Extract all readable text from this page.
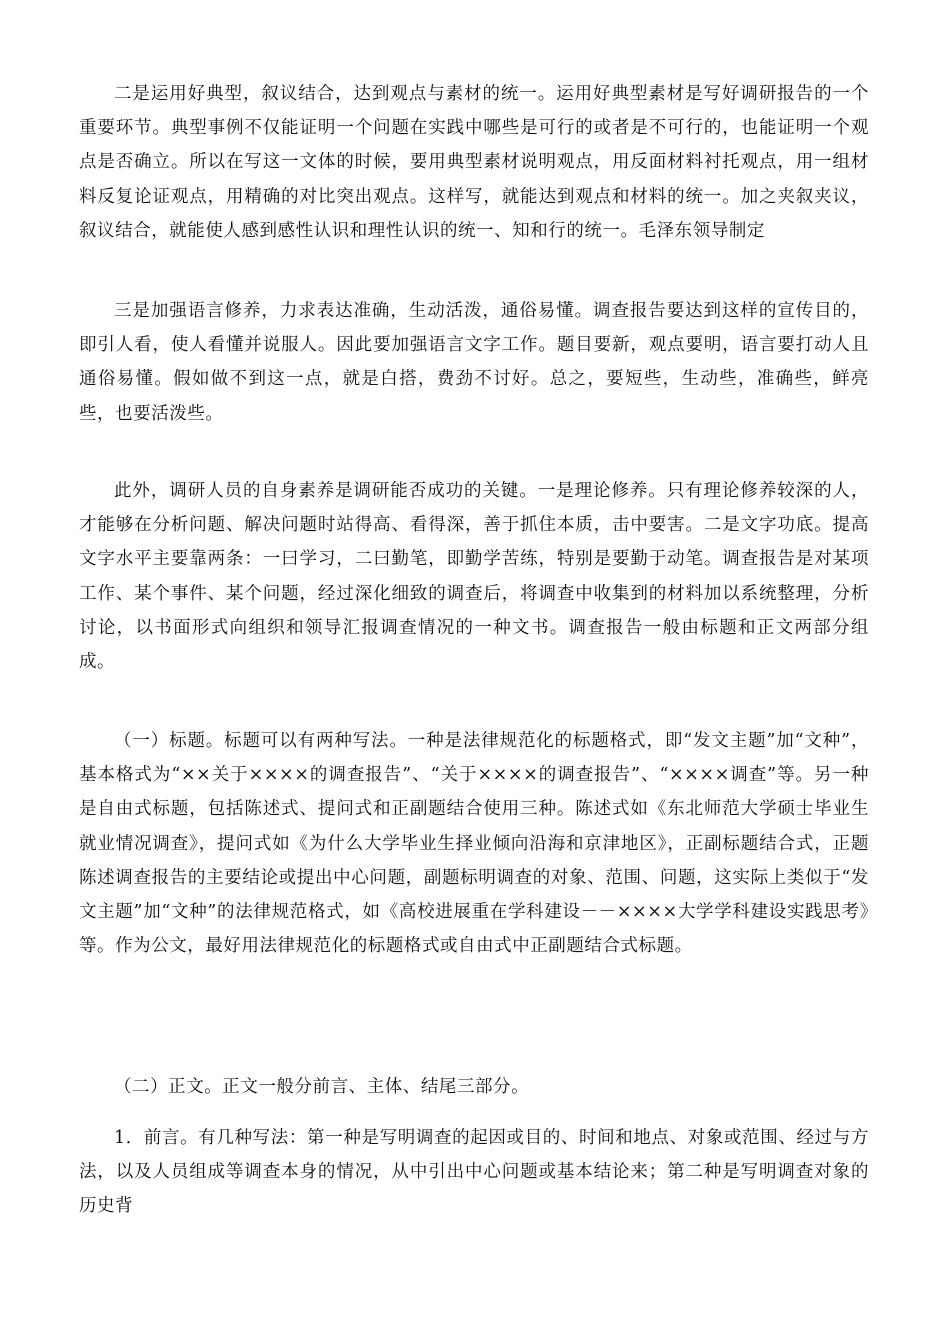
二是运用好典型，叙议结合，达到观点与素材的统一。运用好典型素材是写好调研报告的一个重要环节。典型事例不仅能证明一个问题在实践中哪些是可行的或者是不可行的，也能证明一个观点是否确立。所以在写这一文体的时候，要用典型素材说明观点，用反面材料衬托观点，用一组材料反复论证观点，用精确的对比突出观点。这样写，就能达到观点和材料的统一。加之夹叙夹议，叙议结合，就能使人感到感性认识和理性认识的统一、知和行的统一。毛泽东领导制定

三是加强语言修养，力求表达准确，生动活泼，通俗易懂。调查报告要达到这样的宣传目的，即引人看，使人看懂并说服人。因此要加强语言文字工作。题目要新，观点要明，语言要打动人且通俗易懂。假如做不到这一点，就是白搭，费劲不讨好。总之，要短些，生动些，准确些，鲜亮些，也要活泼些。

此外，调研人员的自身素养是调研能否成功的关键。一是理论修养。只有理论修养较深的人，才能够在分析问题、解决问题时站得高、看得深，善于抓住本质，击中要害。二是文字功底。提高文字水平主要靠两条：一曰学习，二曰勤笔，即勤学苦练，特别是要勤于动笔。调查报告是对某项工作、某个事件、某个问题，经过深化细致的调查后，将调查中收集到的材料加以系统整理，分析讨论，以书面形式向组织和领导汇报调查情况的一种文书。调查报告一般由标题和正文两部分组成。

（一）标题。标题可以有两种写法。一种是法律规范化的标题格式，即“发文主题”加“文种”，基本格式为“××关于××××的调查报告”、“关于××××的调查报告”、“××××调查”等。另一种是自由式标题，包括陈述式、提问式和正副题结合使用三种。陈述式如《东北师范大学硕士毕业生就业情况调查》，提问式如《为什么大学毕业生择业倾向沿海和京津地区》，正副标题结合式，正题陈述调查报告的主要结论或提出中心问题，副题标明调查的对象、范围、问题，这实际上类似于“发文主题”加“文种”的法律规范格式，如《高校进展重在学科建设－－××××大学学科建设实践思考》等。作为公文，最好用法律规范化的标题格式或自由式中正副题结合式标题。

（二）正文。正文一般分前言、主体、结尾三部分。

1．前言。有几种写法：第一种是写明调查的起因或目的、时间和地点、对象或范围、经过与方法，以及人员组成等调查本身的情况，从中引出中心问题或基本结论来；第二种是写明调查对象的历史背
